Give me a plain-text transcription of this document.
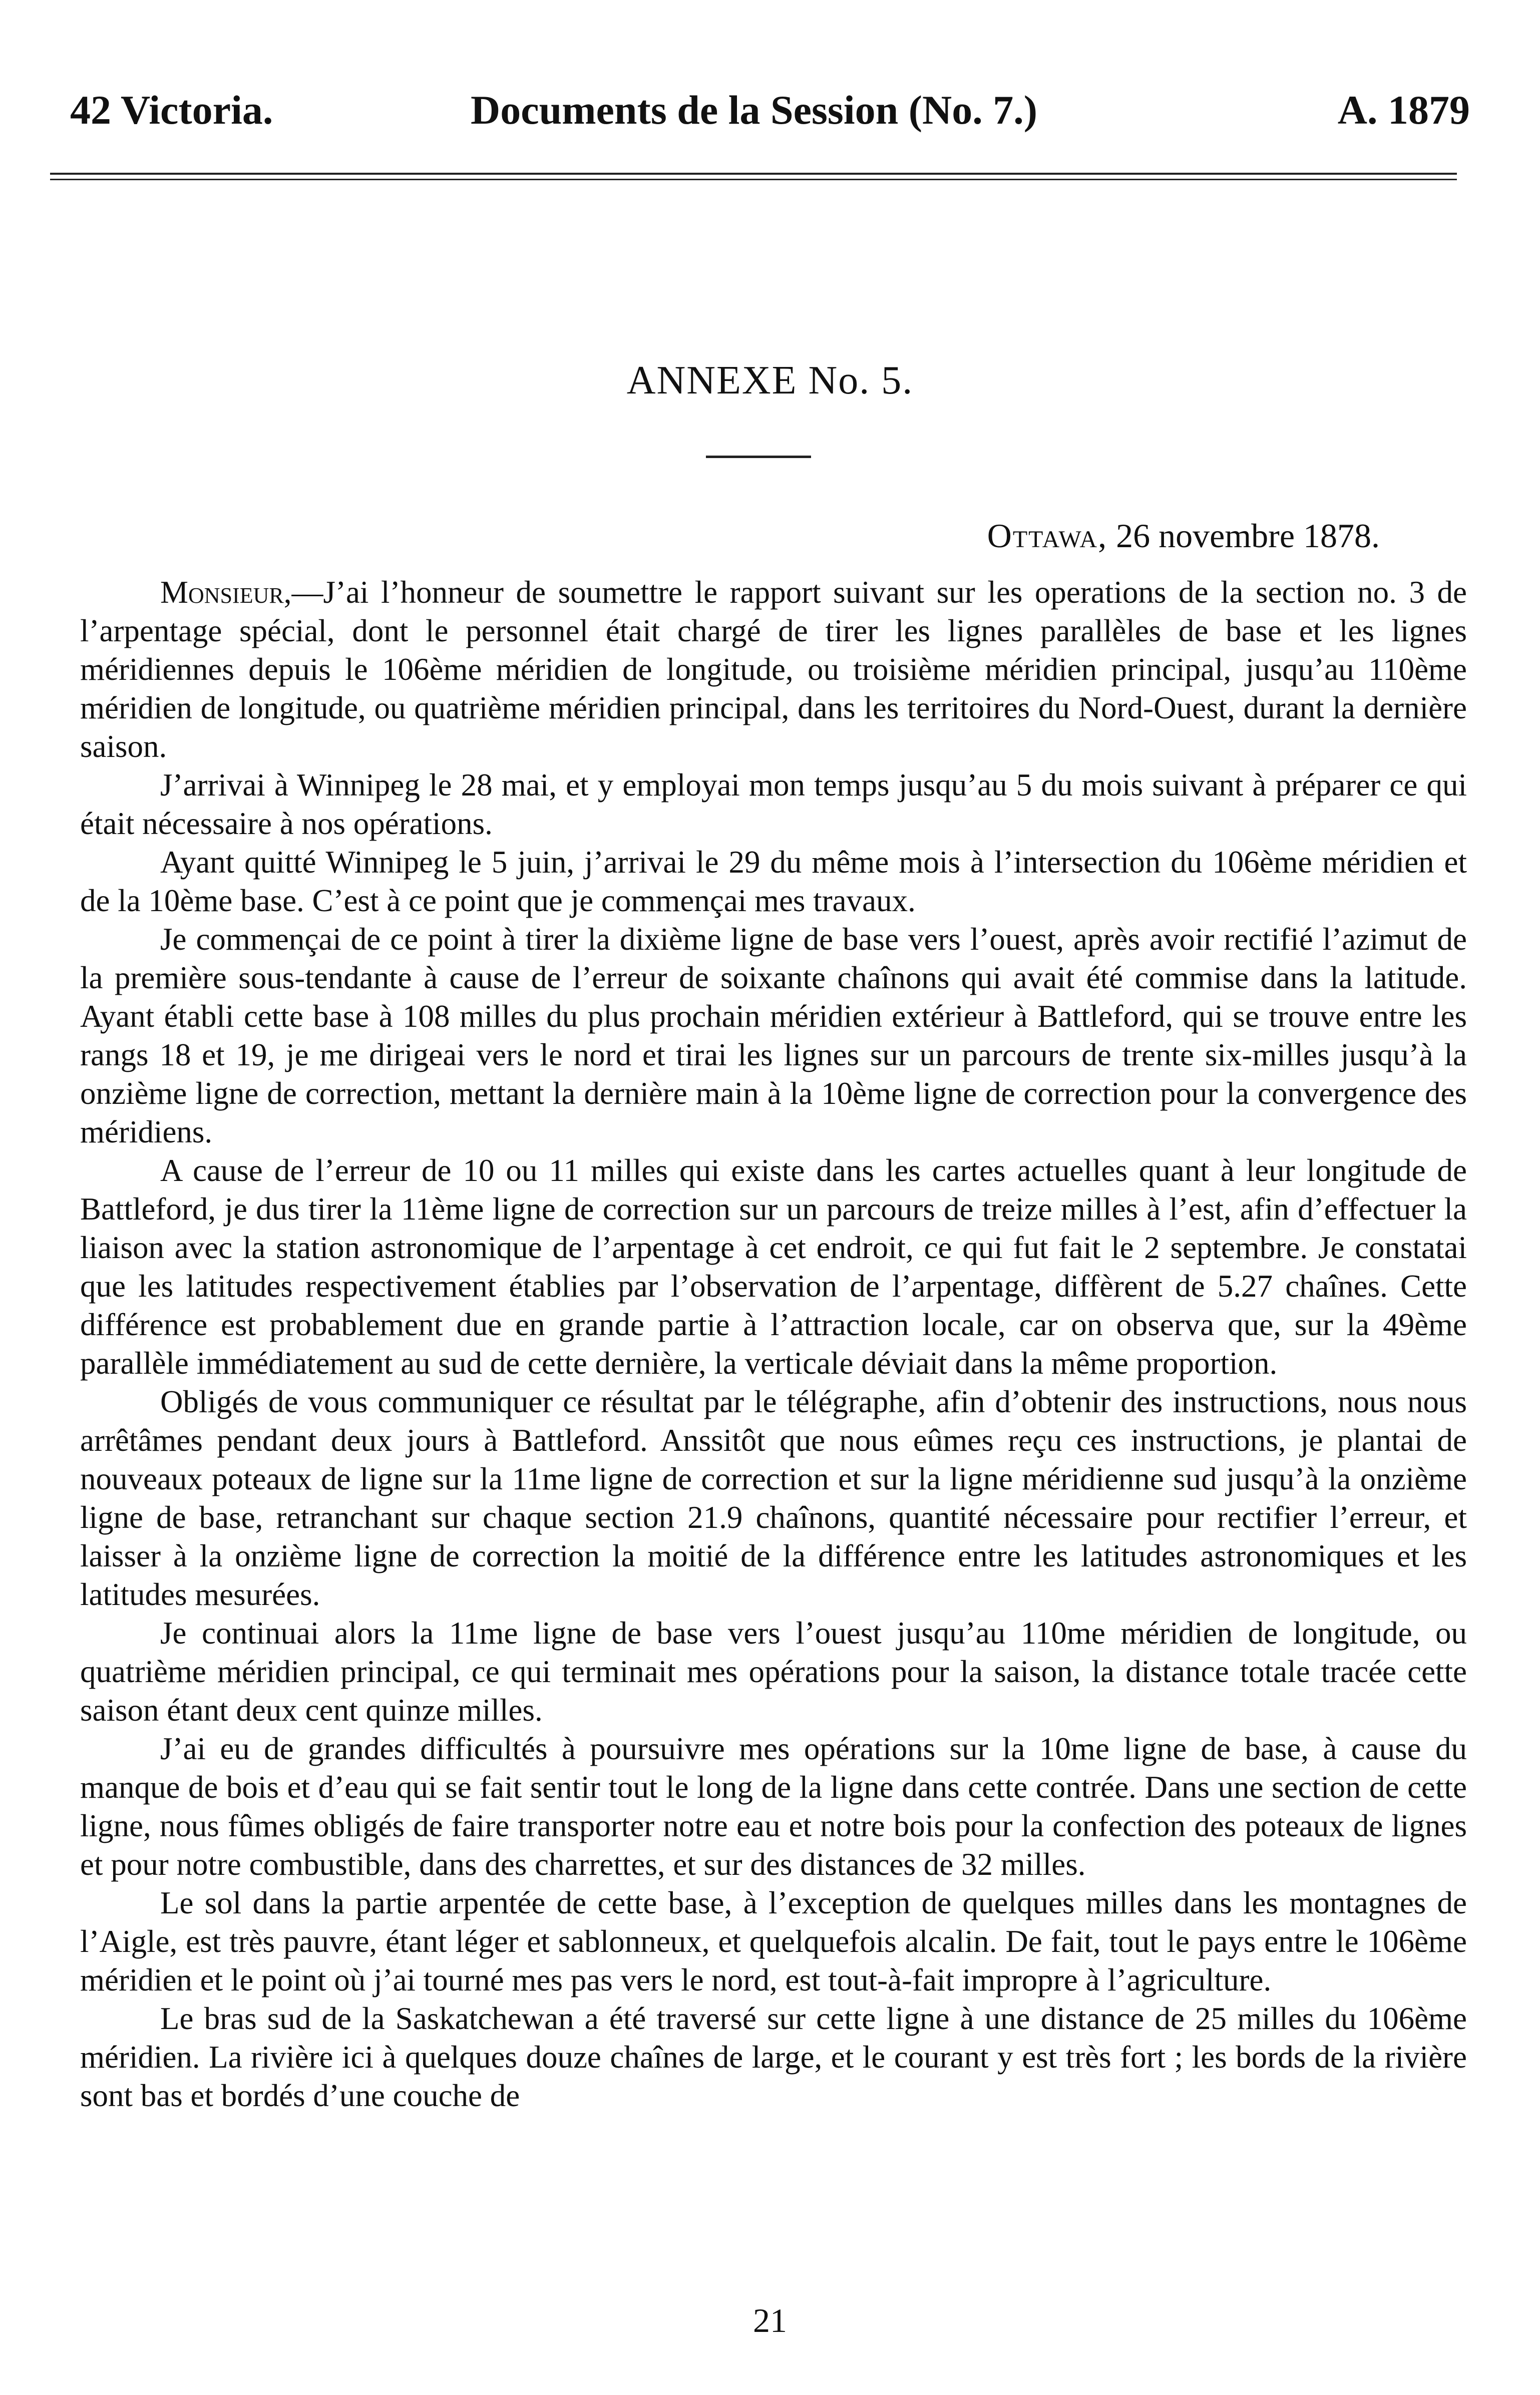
42 Victoria.	Documents de la Session (No. 7.)	A. 1879
ANNEXE No. 5.
Ottawa, 26 novembre 1878.

Monsieur,—J’ai l’honneur de soumettre le rapport suivant sur les operations de la section no. 3 de l’arpentage spécial, dont le personnel était chargé de tirer les lignes parallèles de base et les lignes méridiennes depuis le 106ème méridien de longitude, ou troisième méridien principal, jusqu’au 110ème méridien de longitude, ou quatrième méridien principal, dans les territoires du Nord-Ouest, durant la dernière saison.

J’arrivai à Winnipeg le 28 mai, et y employai mon temps jusqu’au 5 du mois suivant à préparer ce qui était nécessaire à nos opérations.

Ayant quitté Winnipeg le 5 juin, j’arrivai le 29 du même mois à l’intersection du 106ème méridien et de la 10ème base. C’est à ce point que je commençai mes travaux.

Je commençai de ce point à tirer la dixième ligne de base vers l’ouest, après avoir rectifié l’azimut de la première sous-tendante à cause de l’erreur de soixante chaînons qui avait été commise dans la latitude. Ayant établi cette base à 108 milles du plus prochain méridien extérieur à Battleford, qui se trouve entre les rangs 18 et 19, je me dirigeai vers le nord et tirai les lignes sur un parcours de trente six-milles jusqu’à la onzième ligne de correction, mettant la dernière main à la 10ème ligne de correction pour la convergence des méridiens.

A cause de l’erreur de 10 ou 11 milles qui existe dans les cartes actuelles quant à leur longitude de Battleford, je dus tirer la 11ème ligne de correction sur un parcours de treize milles à l’est, afin d’effectuer la liaison avec la station astronomique de l’arpentage à cet endroit, ce qui fut fait le 2 septembre. Je constatai que les latitudes respectivement établies par l’observation de l’arpentage, diffèrent de 5.27 chaînes. Cette différence est probablement due en grande partie à l’attraction locale, car on observa que, sur la 49ème parallèle immédiatement au sud de cette dernière, la verticale déviait dans la même proportion.

Obligés de vous communiquer ce résultat par le télégraphe, afin d’obtenir des instructions, nous nous arrêtâmes pendant deux jours à Battleford. Anssitôt que nous eûmes reçu ces instructions, je plantai de nouveaux poteaux de ligne sur la 11me ligne de correction et sur la ligne méridienne sud jusqu’à la onzième ligne de base, retranchant sur chaque section 21.9 chaînons, quantité nécessaire pour rectifier l’erreur, et laisser à la onzième ligne de correction la moitié de la différence entre les latitudes astronomiques et les latitudes mesurées.

Je continuai alors la 11me ligne de base vers l’ouest jusqu’au 110me méridien de longitude, ou quatrième méridien principal, ce qui terminait mes opérations pour la saison, la distance totale tracée cette saison étant deux cent quinze milles.

J’ai eu de grandes difficultés à poursuivre mes opérations sur la 10me ligne de base, à cause du manque de bois et d’eau qui se fait sentir tout le long de la ligne dans cette contrée. Dans une section de cette ligne, nous fûmes obligés de faire transporter notre eau et notre bois pour la confection des poteaux de lignes et pour notre combustible, dans des charrettes, et sur des distances de 32 milles.

Le sol dans la partie arpentée de cette base, à l’exception de quelques milles dans les montagnes de l’Aigle, est très pauvre, étant léger et sablonneux, et quelquefois alcalin. De fait, tout le pays entre le 106ème méridien et le point où j’ai tourné mes pas vers le nord, est tout-à-fait impropre à l’agriculture.

Le bras sud de la Saskatchewan a été traversé sur cette ligne à une distance de 25 milles du 106ème méridien. La rivière ici à quelques douze chaînes de large, et le courant y est très fort ; les bords de la rivière sont bas et bordés d’une couche de

21
